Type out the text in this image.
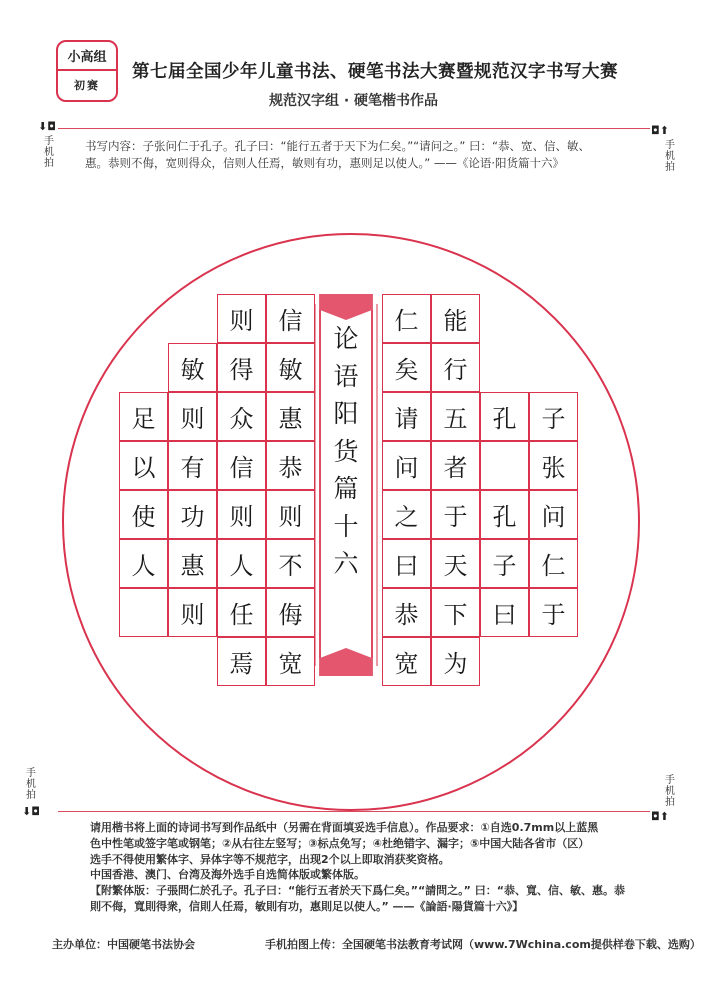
小高组
初赛
第七届全国少年儿童书法、硬笔书法大赛暨规范汉字书写大赛
规范汉字组 · 硬笔楷书作品
⬇◘
手机拍
◘⬆
手机拍
手机拍
⬇◘
手机拍
◘⬆
书写内容：子张问仁于孔子。孔子曰：“能行五者于天下为仁矣。”“请问之。” 曰：“恭、宽、信、敏、
惠。恭则不侮，宽则得众，信则人任焉，敏则有功，惠则足以使人。” ——《论语·阳货篇十六》
子
张
问
仁
于
孔
孔
子
曰
能
行
五
者
于
天
下
为
仁
矣
请
问
之
曰
恭
宽
信
敏
惠
恭
则
不
侮
宽
则
得
众
信
则
人
任
焉
敏
则
有
功
惠
则
足
以
使
人
论
语
阳
货
篇
十
六

请用楷书将上面的诗词书写到作品纸中（另需在背面填妥选手信息）。作品要求：①自选0.7mm以上蓝黑

色中性笔或签字笔或钢笔；②从右往左竖写；③标点免写；④杜绝错字、漏字；⑤中国大陆各省市（区）

选手不得使用繁体字、异体字等不规范字，出现2个以上即取消获奖资格。

中国香港、澳门、台湾及海外选手自选简体版或繁体版。

【附繁体版：子張問仁於孔子。孔子曰：“能行五者於天下爲仁矣。”“請問之。” 曰：“恭、寬、信、敏、惠。恭

則不侮，寬則得衆，信則人任焉，敏則有功，惠則足以使人。” ——《論語·陽貨篇十六》】

主办单位：中国硬笔书法协会	手机拍图上传：全国硬笔书法教育考试网（www.7Wchina.com提供样卷下载、选购）
